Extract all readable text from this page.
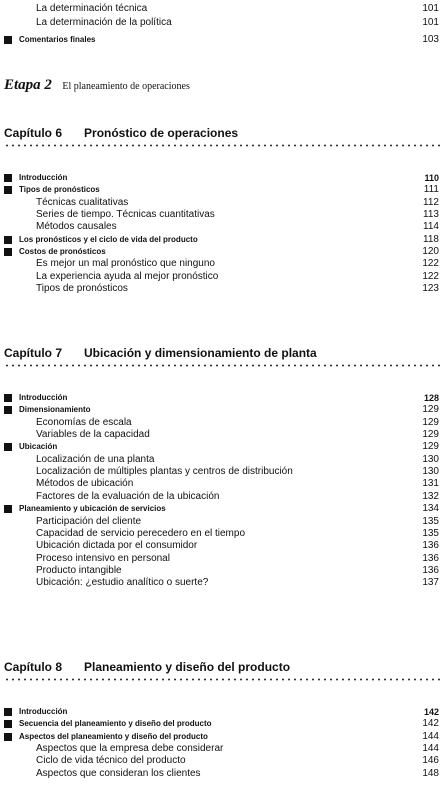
Etapa 2 El planeamiento de operaciones
La determinación técnica	101
La determinación de la política	101
Comentarios finales	103
Capítulo 6 Pronóstico de operaciones
Introducción	110
Tipos de pronósticos	111
Técnicas cualitativas	112
Series de tiempo. Técnicas cuantitativas	113
Métodos causales	114
Los pronósticos y el ciclo de vida del producto	118
Costos de pronósticos	120
Es mejor un mal pronóstico que ninguno	122
La experiencia ayuda al mejor pronóstico	122
Tipos de pronósticos	123
Capítulo 7 Ubicación y dimensionamiento de planta
Introducción	128
Dimensionamiento	129
Economías de escala	129
Variables de la capacidad	129
Ubicación	129
Localización de una planta	130
Localización de múltiples plantas y centros de distribución	130
Métodos de ubicación	131
Factores de la evaluación de la ubicación	132
Planeamiento y ubicación de servicios	134
Participación del cliente	135
Capacidad de servicio perecedero en el tiempo	135
Ubicación dictada por el consumidor	136
Proceso intensivo en personal	136
Producto intangible	136
Ubicación: ¿estudio analítico o suerte?	137
Capítulo 8 Planeamiento y diseño del producto
Introducción	142
Secuencia del planeamiento y diseño del producto	142
Aspectos del planeamiento y diseño del producto	144
Aspectos que la empresa debe considerar	144
Ciclo de vida técnico del producto	146
Aspectos que consideran los clientes	148
